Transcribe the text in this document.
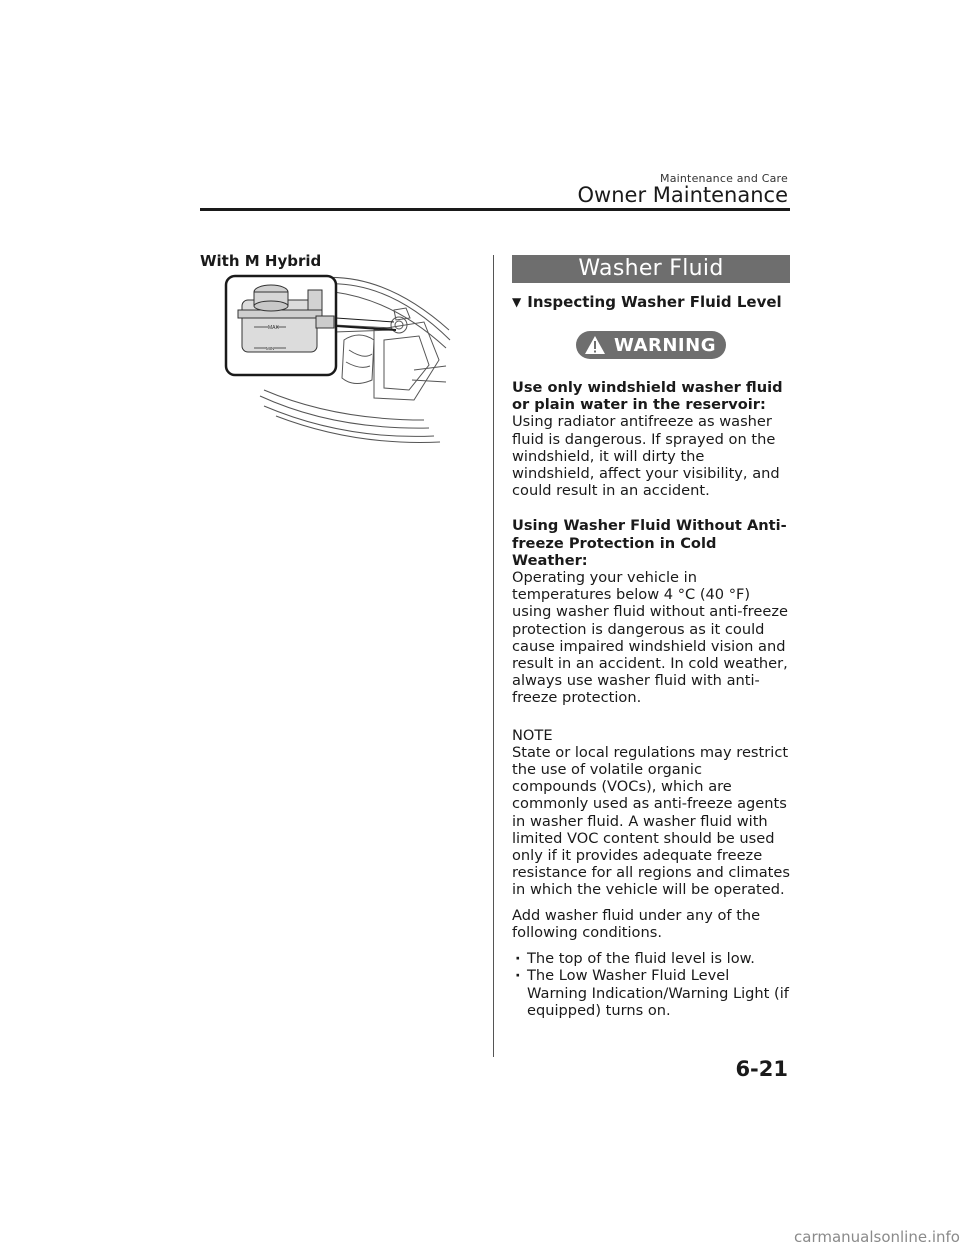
Maintenance and Care
Owner Maintenance
With M Hybrid
MAX
MIN
Washer Fluid
▼ Inspecting Washer Fluid Level
WARNING

Use only windshield washer fluid or plain water in the reservoir:

Using radiator antifreeze as washer fluid is dangerous. If sprayed on the windshield, it will dirty the windshield, affect your visibility, and could result in an accident.

Using Washer Fluid Without Anti-freeze Protection in Cold Weather:

Operating your vehicle in temperatures below 4 °C (40 °F) using washer fluid without anti-freeze protection is dangerous as it could cause impaired windshield vision and result in an accident. In cold weather, always use washer fluid with anti-freeze protection.

NOTE

State or local regulations may restrict the use of volatile organic compounds (VOCs), which are commonly used as anti-freeze agents in washer fluid. A washer fluid with limited VOC content should be used only if it provides adequate freeze resistance for all regions and climates in which the vehicle will be operated.

Add washer fluid under any of the following conditions.

· The top of the fluid level is low.
· The Low Washer Fluid Level Warning Indication/Warning Light (if equipped) turns on.
6-21
carmanualsonline.info
